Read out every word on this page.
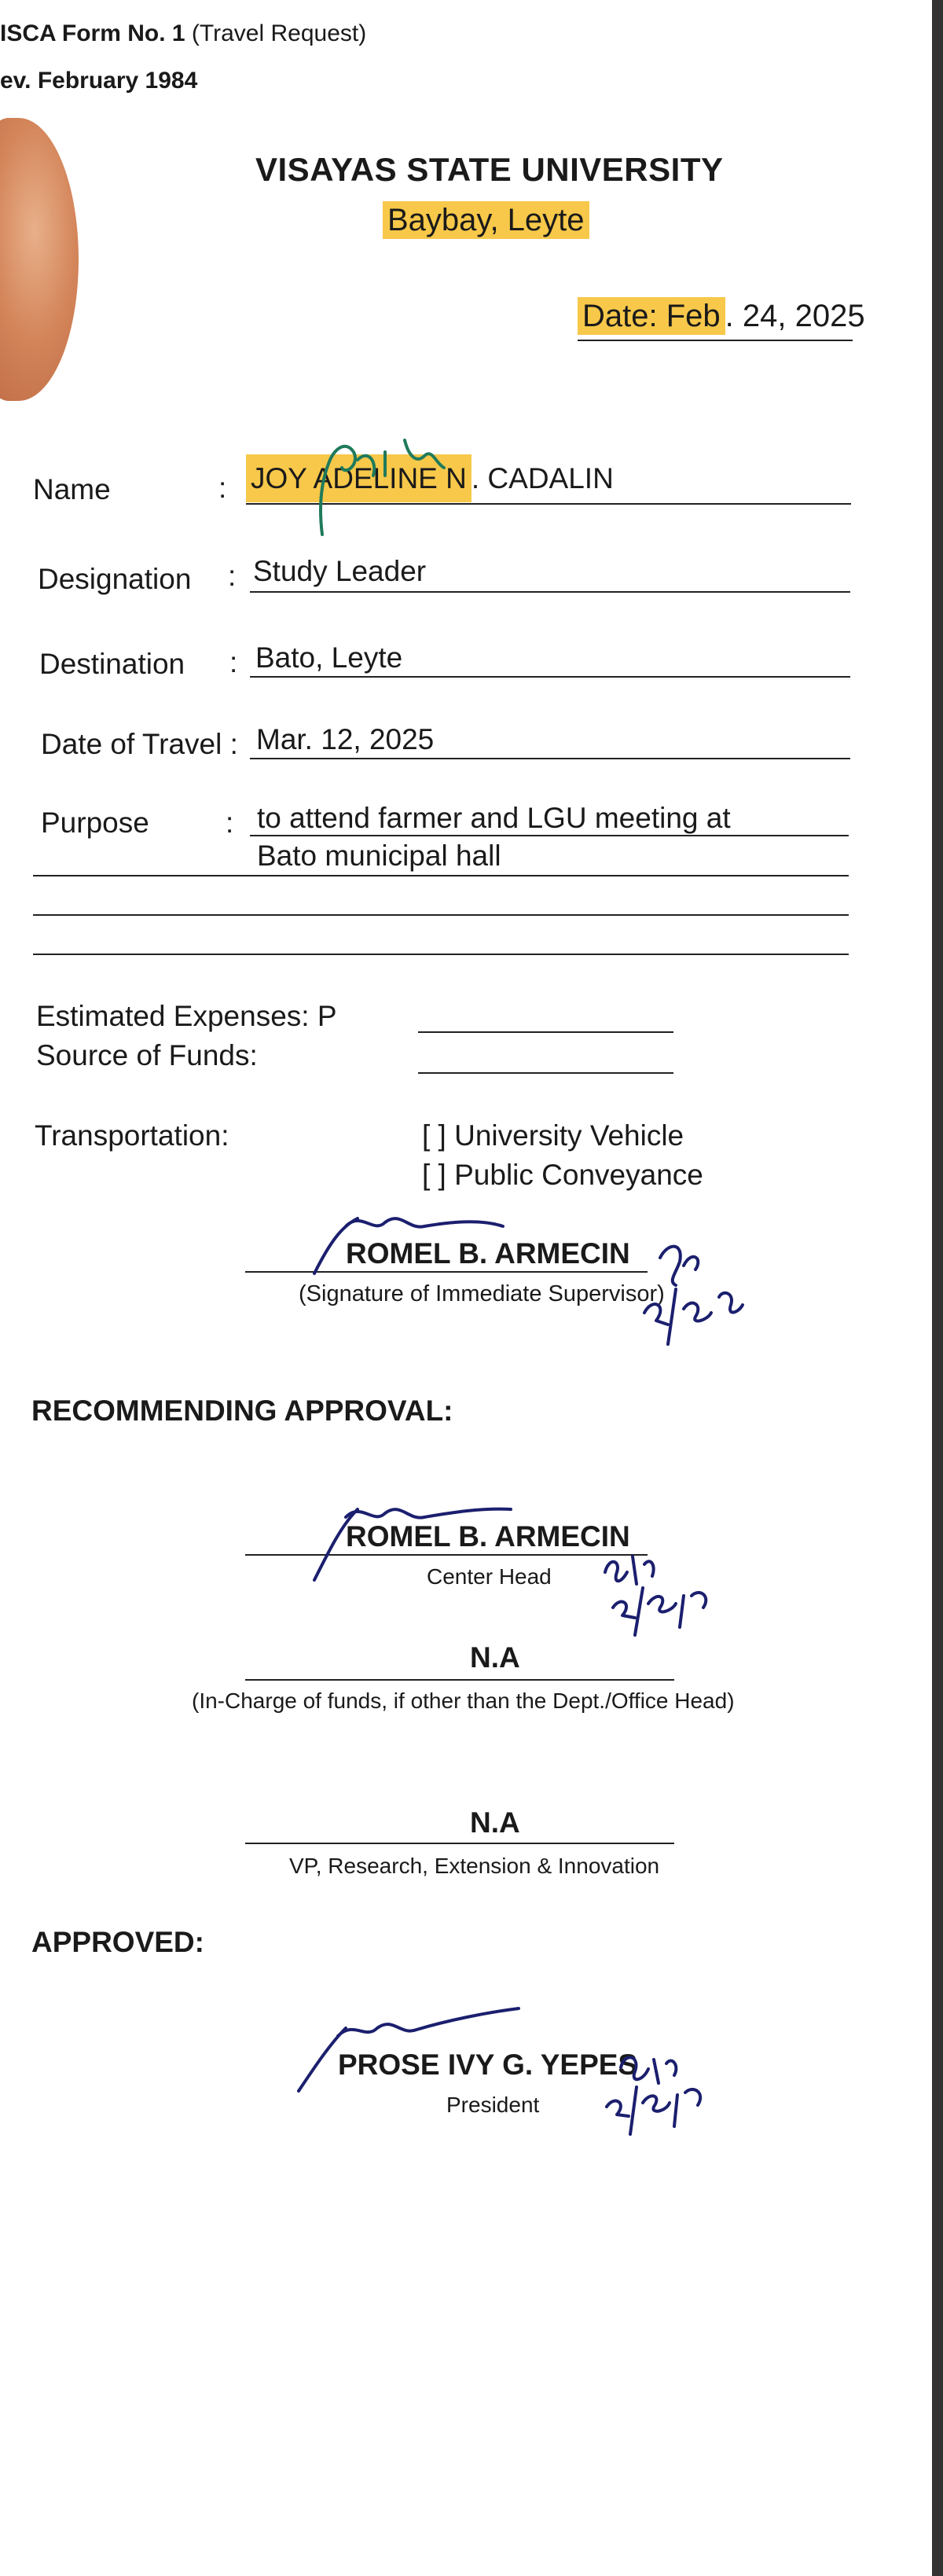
ISCA Form No. 1 (Travel Request)
ev. February 1984
VISAYAS STATE UNIVERSITY
Baybay, Leyte
Date: Feb . 24, 2025
Name	: JOY ADELINE N . CADALIN
Designation : Study Leader
Destination : Bato, Leyte
Date of Travel : Mar. 12, 2025
Purpose	: to attend farmer and LGU meeting at
Bato municipal hall
Estimated Expenses: P
Source of Funds:
Transportation:	[ ] University Vehicle
[ ] Public Conveyance
ROMEL B. ARMECIN
(Signature of Immediate Supervisor)
RECOMMENDING APPROVAL:
ROMEL B. ARMECIN
Center Head
N.A
(In-Charge of funds, if other than the Dept./Office Head)
N.A
VP, Research, Extension & Innovation
APPROVED:
PROSE IVY G. YEPES
President
